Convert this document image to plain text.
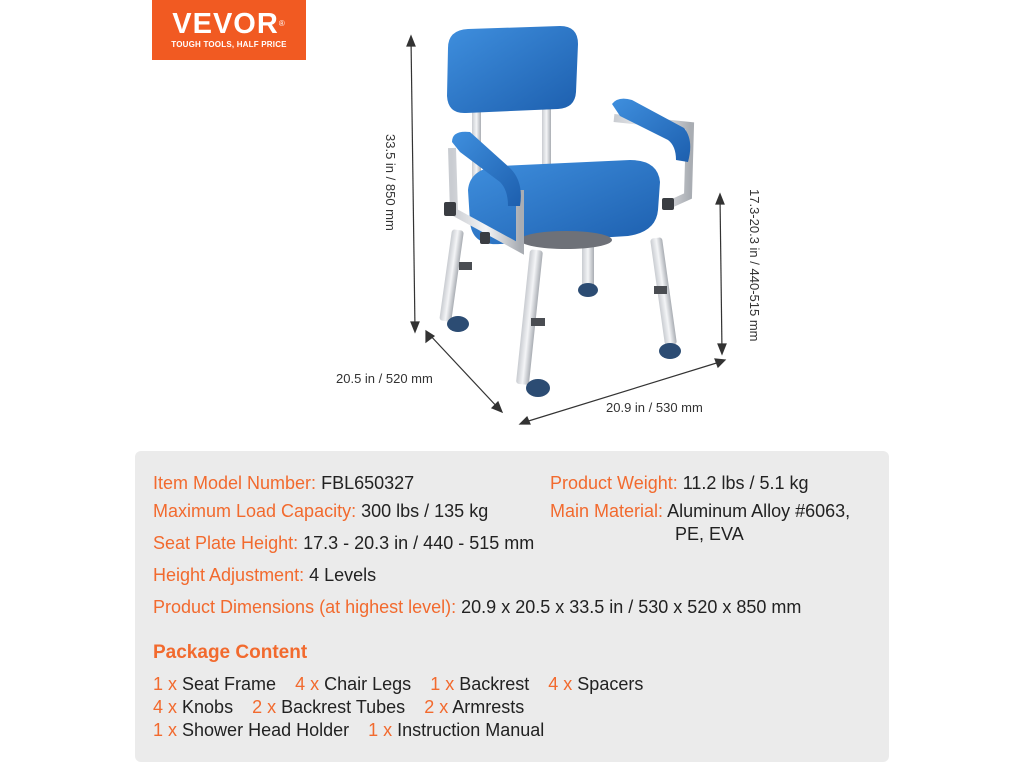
VEVOR®
TOUGH TOOLS, HALF PRICE
33.5 in / 850 mm
17.3-20.3 in / 440-515 mm
20.5 in / 520 mm
20.9 in / 530 mm
Item Model Number: FBL650327
Maximum Load Capacity: 300 lbs / 135 kg
Seat Plate Height: 17.3 - 20.3 in / 440 - 515 mm
Height Adjustment: 4 Levels
Product Dimensions (at highest level): 20.9 x 20.5 x 33.5 in / 530 x 520 x 850 mm
Product Weight: 11.2 lbs / 5.1 kg
Main Material: Aluminum Alloy #6063,
PE, EVA
Package Content
1 x Seat Frame 4 x Chair Legs 1 x Backrest 4 x Spacers
4 x Knobs 2 x Backrest Tubes 2 x Armrests
1 x Shower Head Holder 1 x Instruction Manual
